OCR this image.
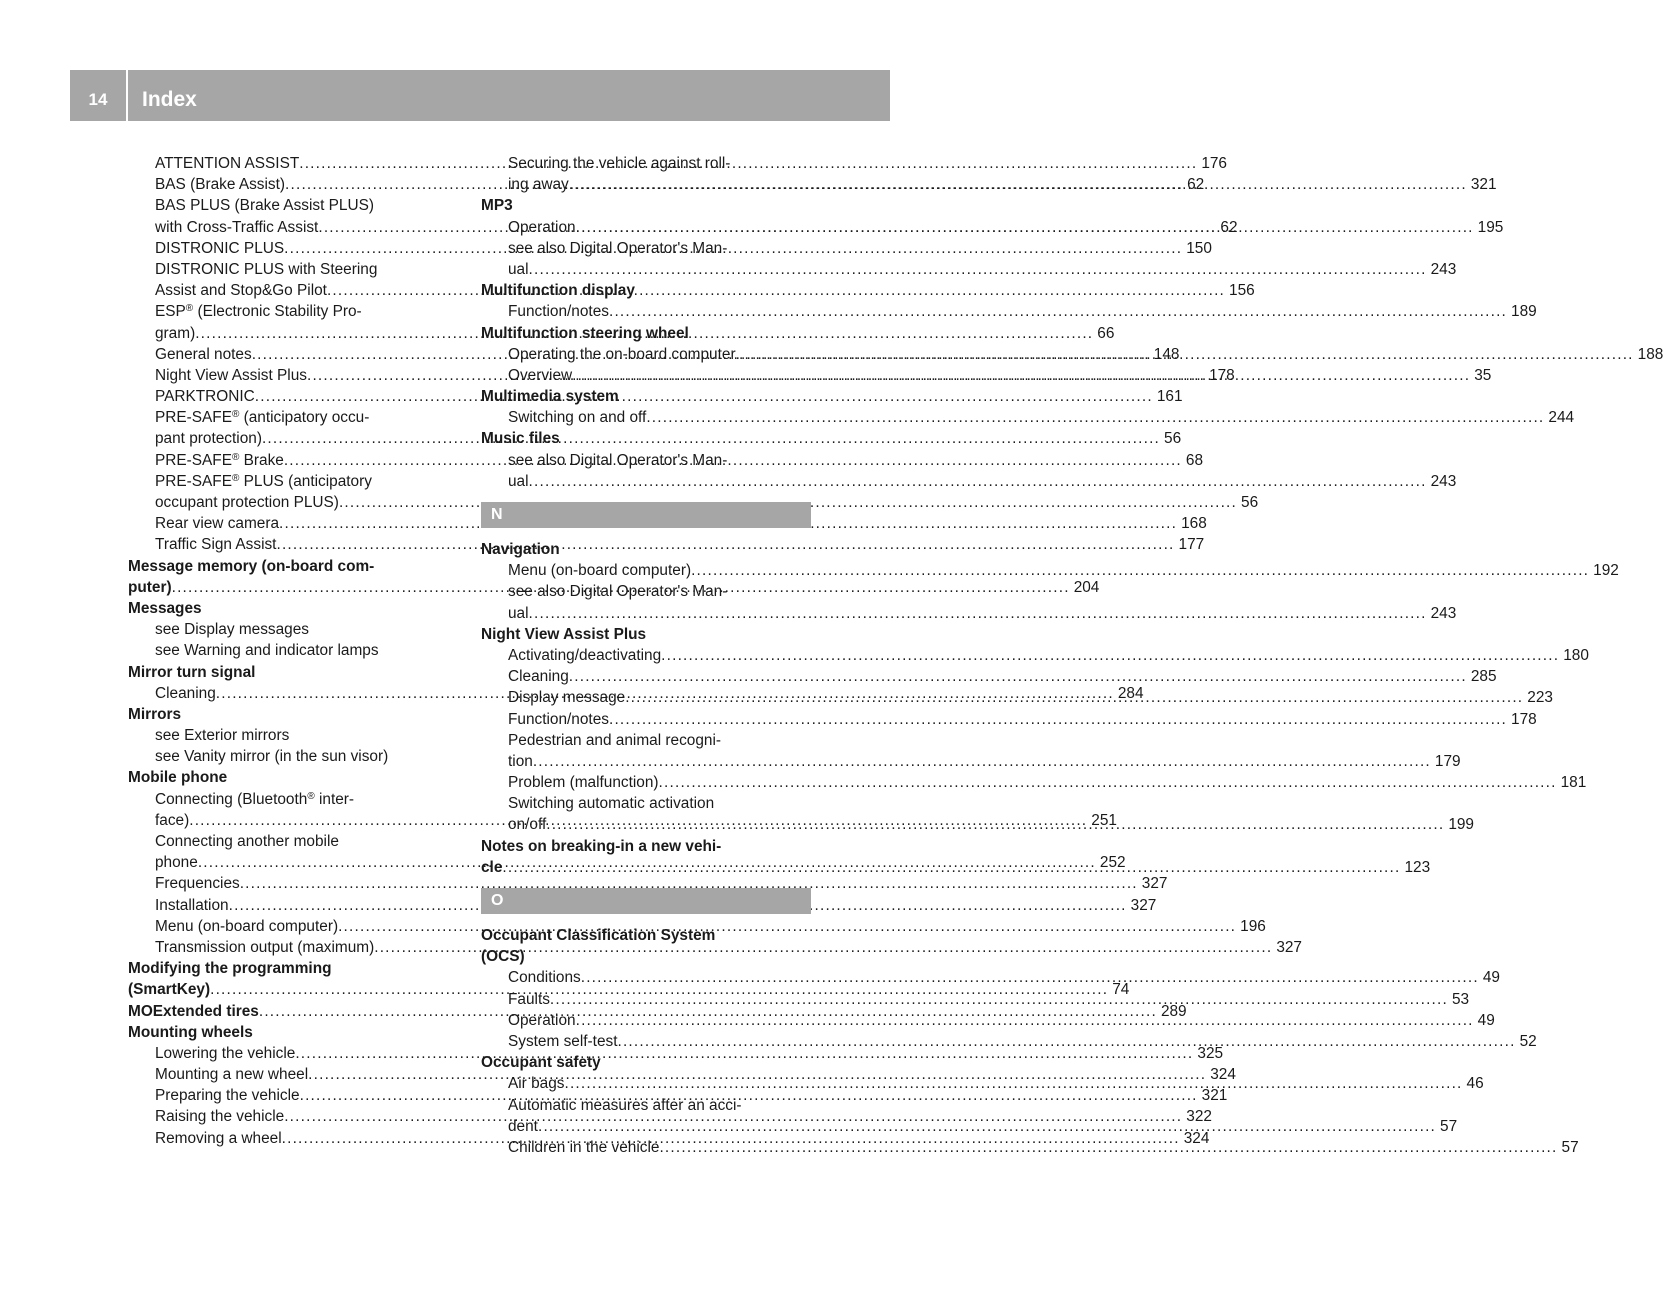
14	Index
ATTENTION ASSIST .....	176
BAS (Brake Assist) .....	62
BAS PLUS (Brake Assist PLUS)
with Cross-Traffic Assist .....	62
DISTRONIC PLUS .....	150
DISTRONIC PLUS with Steering
Assist and Stop&Go Pilot .....	156
ESP® (Electronic Stability Pro-
gram) .....	66
General notes .....	148
Night View Assist Plus .....	178
PARKTRONIC .....	161
PRE-SAFE® (anticipatory occu-
pant protection) .....	56
PRE-SAFE® Brake .....	68
PRE-SAFE® PLUS (anticipatory
occupant protection PLUS) .....	56
Rear view camera .....	168
Traffic Sign Assist .....	177
Message memory (on-board com-
puter) .....	204
Messages
see Display messages
see Warning and indicator lamps
Mirror turn signal
Cleaning .....	284
Mirrors
see Exterior mirrors
see Vanity mirror (in the sun visor)
Mobile phone
Connecting (Bluetooth® inter-
face) .....	251
Connecting another mobile
phone .....	252
Frequencies .....	327
Installation .....	327
Menu (on-board computer) .....	196
Transmission output (maximum) .....	327
Modifying the programming
(SmartKey) .....	74
MOExtended tires .....	289
Mounting wheels
Lowering the vehicle .....	325
Mounting a new wheel .....	324
Preparing the vehicle .....	321
Raising the vehicle .....	322
Removing a wheel .....	324
Securing the vehicle against roll-
ing away .....	321
MP3
Operation .....	195
see also Digital Operator's Man-
ual .....	243
Multifunction display
Function/notes .....	189
Multifunction steering wheel
Operating the on-board computer .....	188
Overview .....	35
Multimedia system
Switching on and off .....	244
Music files
see also Digital Operator's Man-
ual .....	243
N
Navigation
Menu (on-board computer) .....	192
see also Digital Operator's Man-
ual .....	243
Night View Assist Plus
Activating/deactivating .....	180
Cleaning .....	285
Display message .....	223
Function/notes .....	178
Pedestrian and animal recogni-
tion .....	179
Problem (malfunction) .....	181
Switching automatic activation
on/off .....	199
Notes on breaking-in a new vehi-
cle .....	123
O
Occupant Classification System
(OCS)
Conditions .....	49
Faults .....	53
Operation .....	49
System self-test .....	52
Occupant safety
Air bags .....	46
Automatic measures after an acci-
dent .....	57
Children in the vehicle .....	57
